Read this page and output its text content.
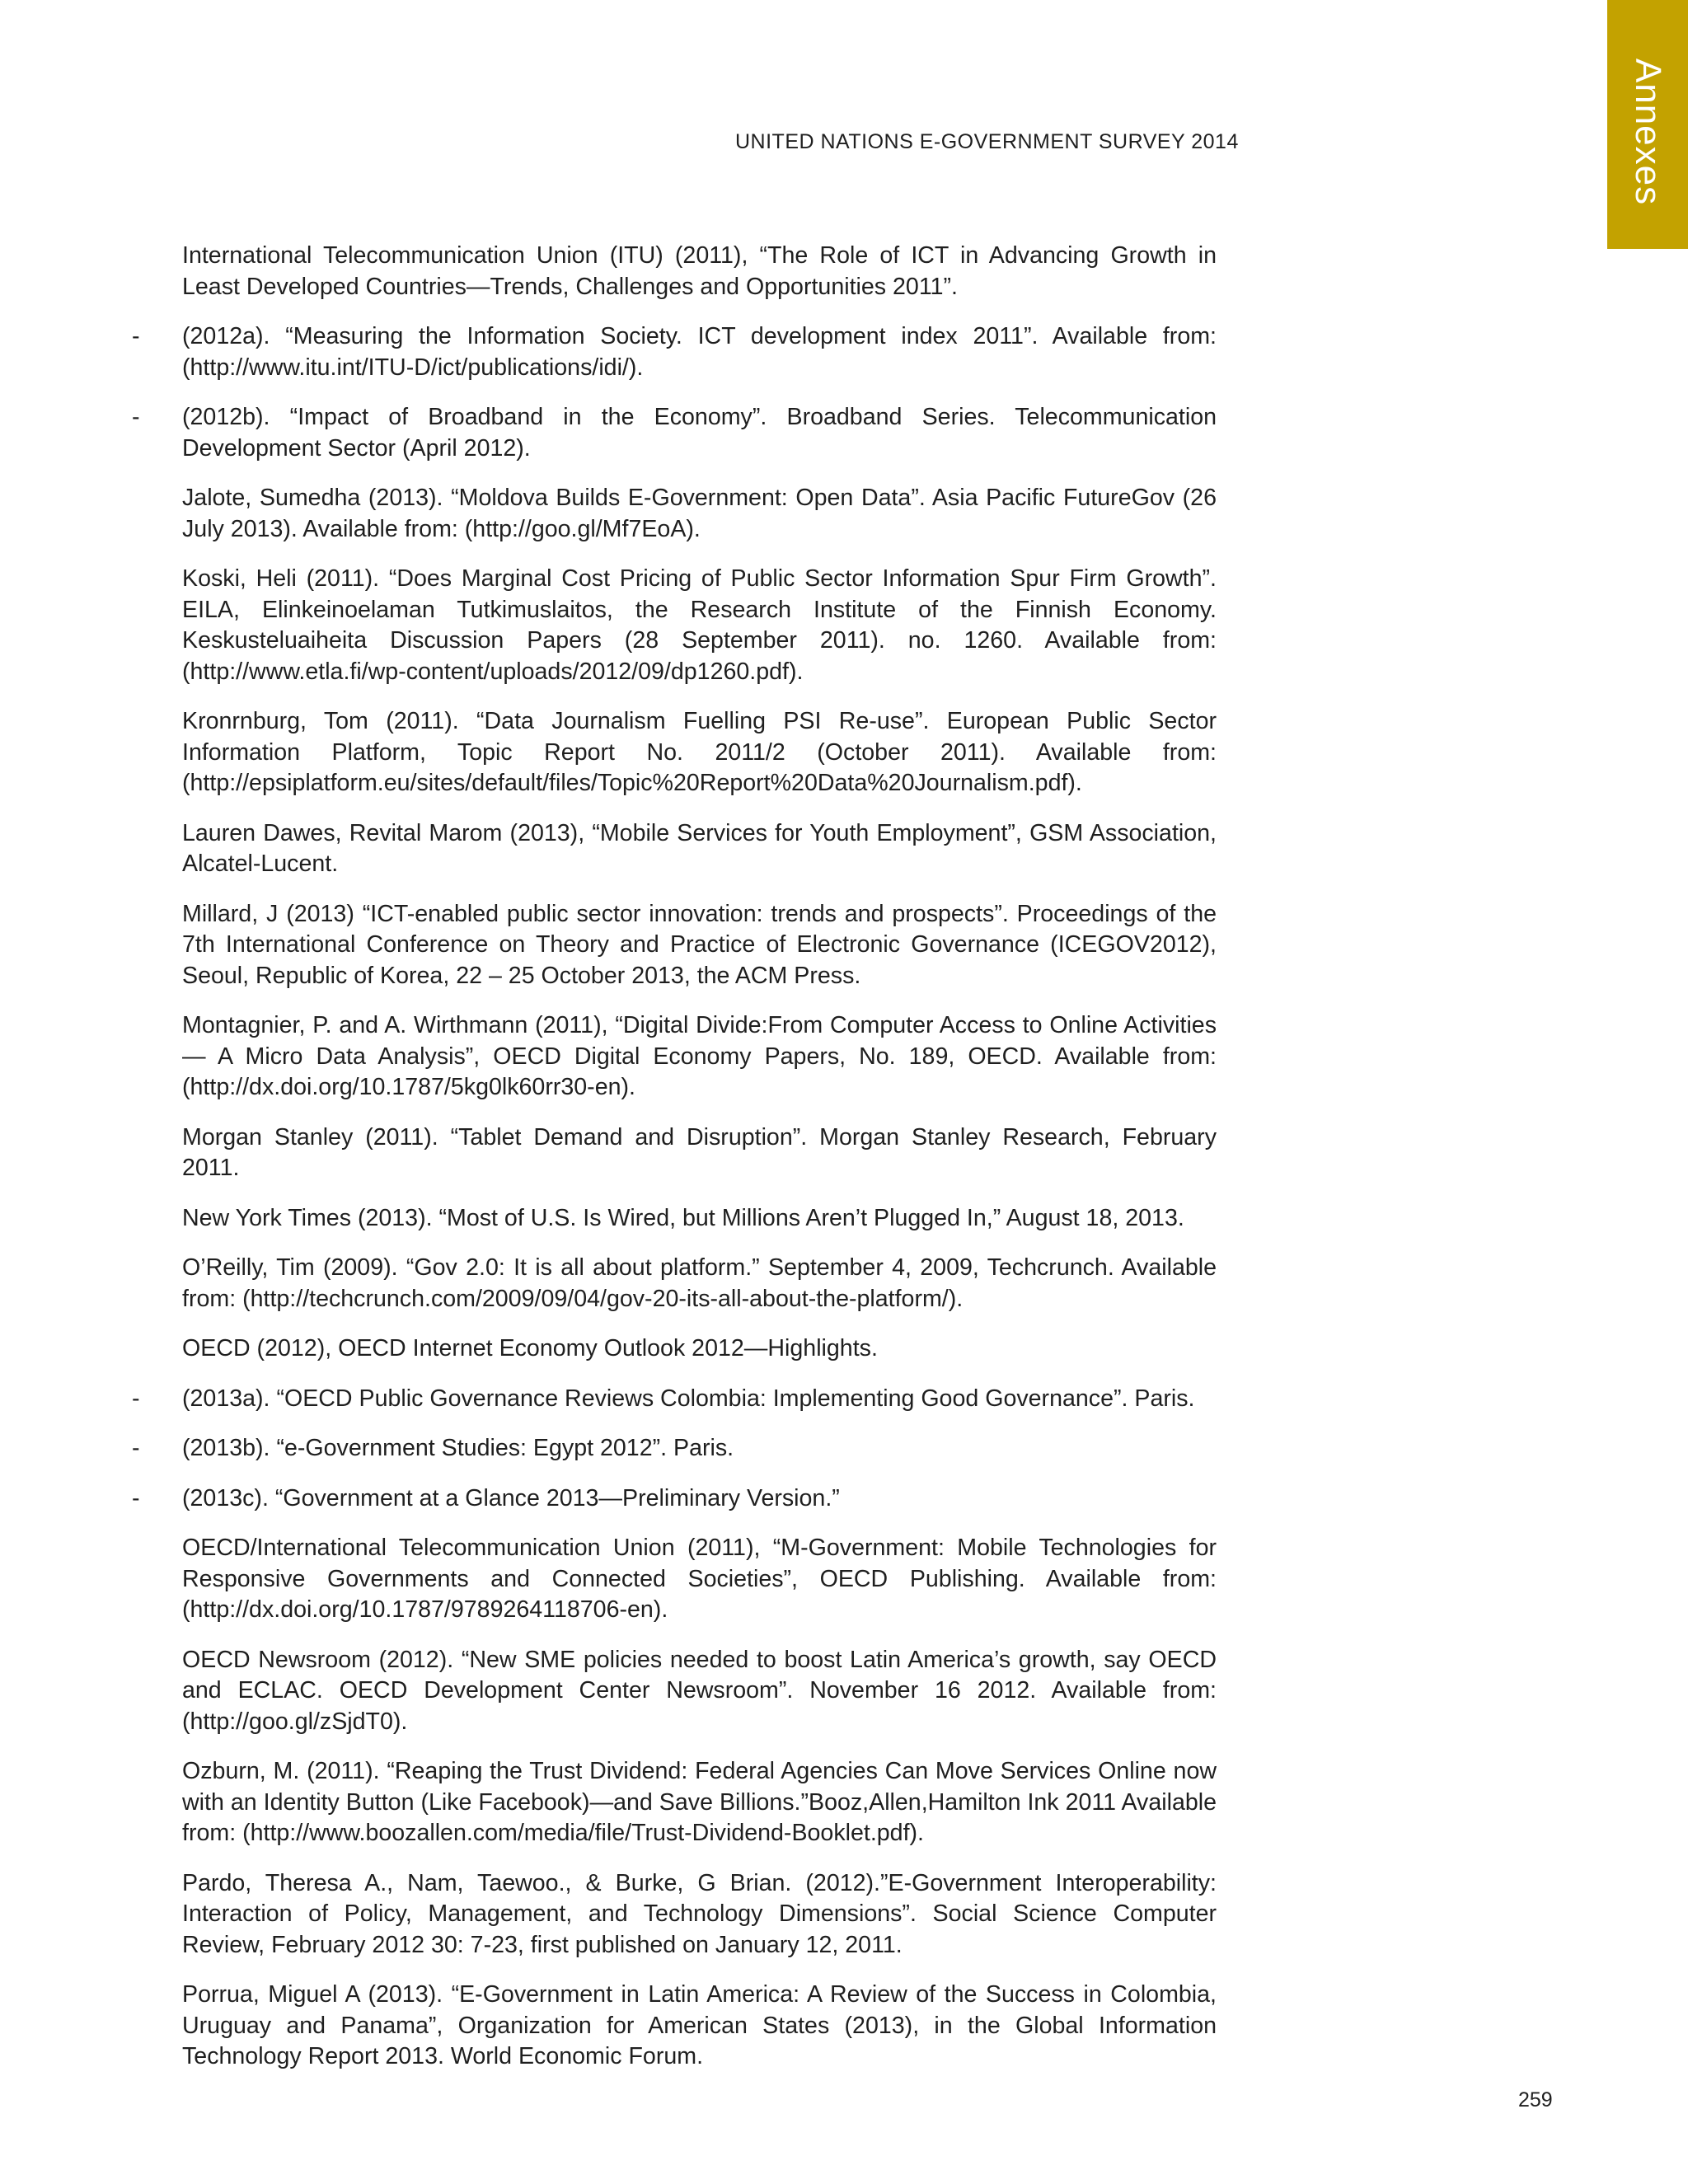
Annexes
UNITED NATIONS E-GOVERNMENT SURVEY 2014

International Telecommunication Union (ITU) (2011), “The Role of ICT in Advancing Growth in Least Developed Countries—Trends, Challenges and Opportunities 2011”.

- (2012a). “Measuring the Information Society. ICT development index 2011”. Available from: (http://www.itu.int/ITU-D/ict/publications/idi/).

- (2012b). “Impact of Broadband in the Economy”. Broadband Series. Telecommunication Development Sector (April 2012).

Jalote, Sumedha (2013). “Moldova Builds E-Government: Open Data”. Asia Pacific FutureGov (26 July 2013). Available from: (http://goo.gl/Mf7EoA).

Koski, Heli (2011). “Does Marginal Cost Pricing of Public Sector Information Spur Firm Growth”. EILA, Elinkeinoelaman Tutkimuslaitos, the Research Institute of the Finnish Economy. Keskusteluaiheita Discussion Papers (28 September 2011). no. 1260. Available from: (http://www.etla.fi/wp-content/uploads/2012/09/dp1260.pdf).

Kronrnburg, Tom (2011). “Data Journalism Fuelling PSI Re-use”. European Public Sector Information Platform, Topic Report No. 2011/2 (October 2011). Available from: (http://epsiplatform.eu/sites/default/files/Topic%20Report%20Data%20Journalism.pdf).

Lauren Dawes, Revital Marom (2013), “Mobile Services for Youth Employment”, GSM Association, Alcatel-Lucent.

Millard, J (2013) “ICT-enabled public sector innovation: trends and prospects”. Proceedings of the 7th International Conference on Theory and Practice of Electronic Governance (ICEGOV2012), Seoul, Republic of Korea, 22 – 25 October 2013, the ACM Press.

Montagnier, P. and A. Wirthmann (2011), “Digital Divide:From Computer Access to Online Activities— A Micro Data Analysis”, OECD Digital Economy Papers, No. 189, OECD. Available from: (http://dx.doi.org/10.1787/5kg0lk60rr30-en).

Morgan Stanley (2011). “Tablet Demand and Disruption”. Morgan Stanley Research, February 2011.

New York Times (2013). “Most of U.S. Is Wired, but Millions Aren’t Plugged In,” August 18, 2013.

O’Reilly, Tim (2009). “Gov 2.0: It is all about platform.” September 4, 2009, Techcrunch. Available from: (http://techcrunch.com/2009/09/04/gov-20-its-all-about-the-platform/).

OECD (2012), OECD Internet Economy Outlook 2012—Highlights.

- (2013a). “OECD Public Governance Reviews Colombia: Implementing Good Governance”. Paris.

- (2013b). “e-Government Studies: Egypt 2012”. Paris.

- (2013c). “Government at a Glance 2013—Preliminary Version.”

OECD/International Telecommunication Union (2011), “M-Government: Mobile Technologies for Responsive Governments and Connected Societies”, OECD Publishing. Available from: (http://dx.doi.org/10.1787/9789264118706-en).

OECD Newsroom (2012). “New SME policies needed to boost Latin America’s growth, say OECD and ECLAC. OECD Development Center Newsroom”. November 16 2012. Available from: (http://goo.gl/zSjdT0).

Ozburn, M. (2011). “Reaping the Trust Dividend: Federal Agencies Can Move Services Online now with an Identity Button (Like Facebook)—and Save Billions.”Booz,Allen,Hamilton Ink 2011 Available from: (http://www.boozallen.com/media/file/Trust-Dividend-Booklet.pdf).

Pardo, Theresa A., Nam, Taewoo., & Burke, G Brian. (2012).”E-Government Interoperability: Interaction of Policy, Management, and Technology Dimensions”. Social Science Computer Review, February 2012 30: 7-23, first published on January 12, 2011.

Porrua, Miguel A (2013). “E-Government in Latin America: A Review of the Success in Colombia, Uruguay and Panama”, Organization for American States (2013), in the Global Information Technology Report 2013. World Economic Forum.

259
